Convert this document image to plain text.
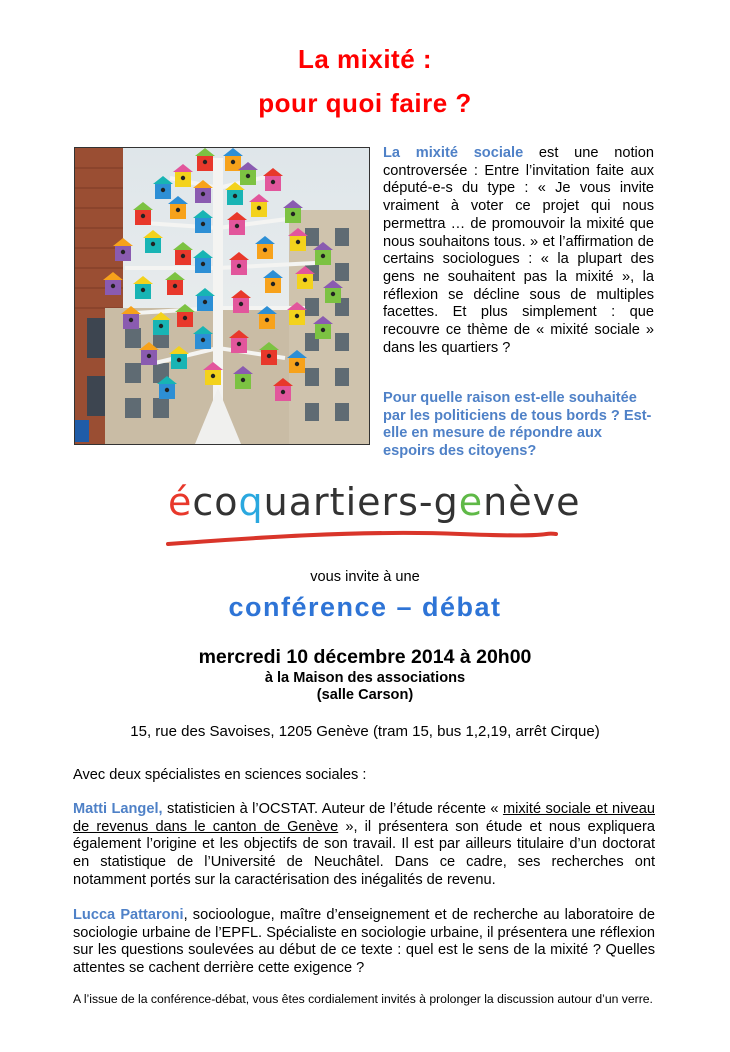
La mixité :
pour quoi faire ?

La mixité sociale est une notion controversée : Entre l’invitation faite aux député-e-s du type : « Je vous invite vraiment à voter ce projet qui nous permettra … de promouvoir la mixité que nous souhaitons tous. » et l’affirmation de certains sociologues : « la plupart des gens ne souhaitent pas la mixité », la réflexion se décline sous de multiples facettes. Et plus simplement : que recouvre ce thème de « mixité sociale » dans les quartiers ?

Pour quelle raison est-elle souhaitée par les politiciens de tous bords ? Est-elle en mesure de répondre aux espoirs des citoyens?

écoquartiers-genève

vous invite à une

conférence – débat

mercredi 10 décembre 2014 à 20h00

à la Maison des associations
(salle Carson)

15, rue des Savoises, 1205 Genève (tram 15, bus 1,2,19, arrêt Cirque)

Avec deux spécialistes en sciences sociales :

Matti Langel, statisticien à l’OCSTAT. Auteur de l’étude récente « mixité sociale et niveau de revenus dans le canton de Genève », il présentera son étude et nous expliquera également l’origine et les objectifs de son travail. Il est par ailleurs titulaire d’un doctorat en statistique de l’Université de Neuchâtel. Dans ce cadre, ses recherches ont notamment portés sur la caractérisation des inégalités de revenu.

Lucca Pattaroni, socioologue, maître d’enseignement et de recherche au laboratoire de sociologie urbaine de l’EPFL. Spécialiste en sociologie urbaine, il présentera une réflexion sur les questions soulevées au début de ce texte : quel est le sens de la mixité ? Quelles attentes se cachent derrière cette exigence ?

A l’issue de la conférence-débat, vous êtes cordialement invités à prolonger la discussion autour d’un verre.
